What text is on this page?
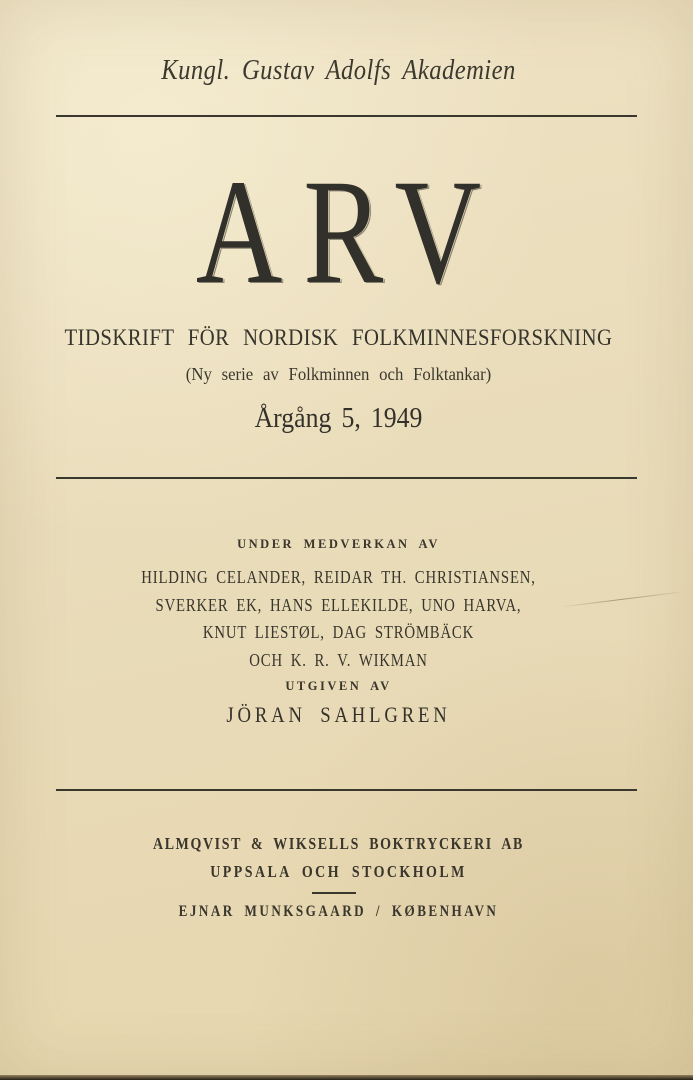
Kungl. Gustav Adolfs Akademien
ARV
TIDSKRIFT FÖR NORDISK FOLKMINNESFORSKNING
(Ny serie av Folkminnen och Folktankar)
Årgång 5, 1949
UNDER MEDVERKAN AV
HILDING CELANDER, REIDAR TH. CHRISTIANSEN,
SVERKER EK, HANS ELLEKILDE, UNO HARVA,
KNUT LIESTØL, DAG STRÖMBÄCK
OCH K. R. V. WIKMAN
UTGIVEN AV
JÖRAN SAHLGREN
ALMQVIST & WIKSELLS BOKTRYCKERI AB
UPPSALA OCH STOCKHOLM
EJNAR MUNKSGAARD / KØBENHAVN
